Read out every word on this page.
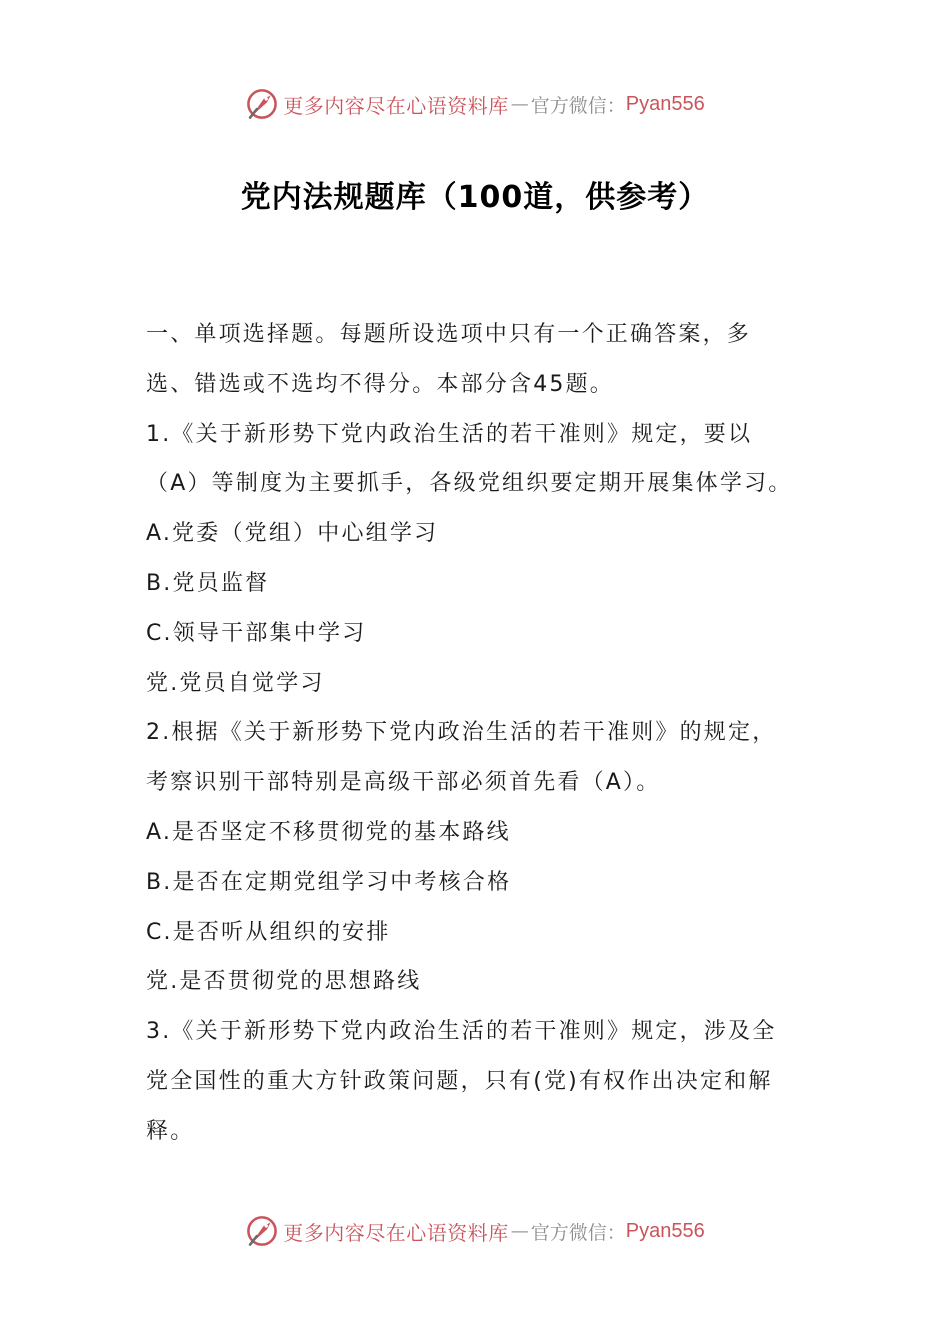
更多内容尽在心语资料库 — 官方微信： Pyan556
党内法规题库（100道，供参考）
一、单项选择题。每题所设选项中只有一个正确答案，多
选、错选或不选均不得分。本部分含45题。
1.《关于新形势下党内政治生活的若干准则》规定，要以
（A）等制度为主要抓手，各级党组织要定期开展集体学习。
A.党委（党组）中心组学习
B.党员监督
C.领导干部集中学习
党.党员自觉学习
2.根据《关于新形势下党内政治生活的若干准则》的规定，
考察识别干部特别是高级干部必须首先看（A）。
A.是否坚定不移贯彻党的基本路线
B.是否在定期党组学习中考核合格
C.是否听从组织的安排
党.是否贯彻党的思想路线
3.《关于新形势下党内政治生活的若干准则》规定，涉及全
党全国性的重大方针政策问题，只有(党)有权作出决定和解
释。
更多内容尽在心语资料库 — 官方微信： Pyan556
